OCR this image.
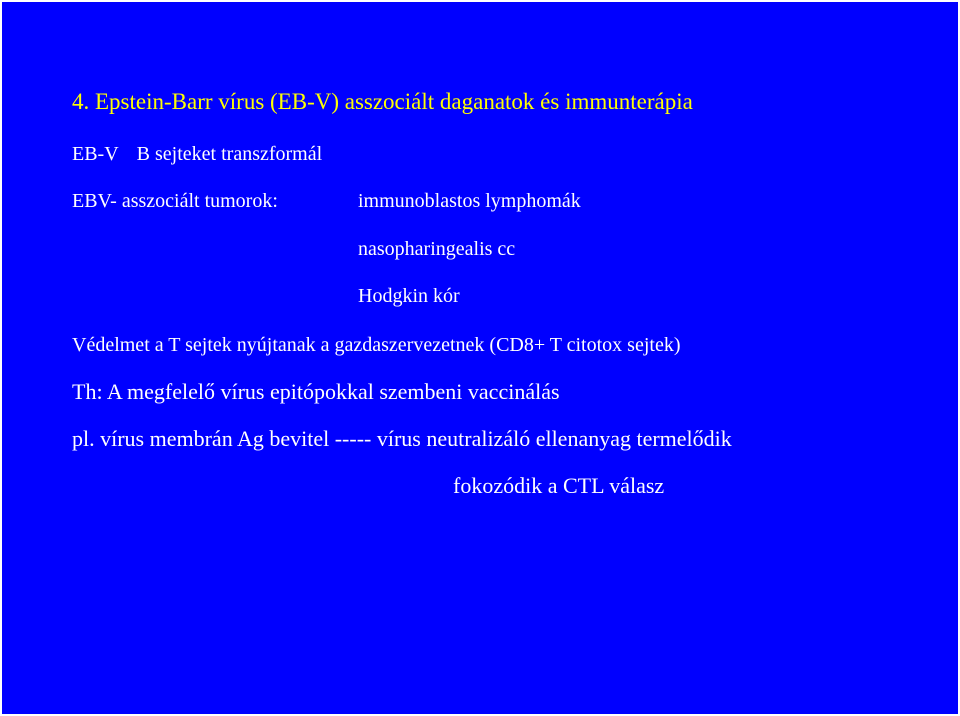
4. Epstein-Barr vírus (EB-V) asszociált daganatok és immunterápia
EB-V B sejteket transzformál
EBV- asszociált tumorok:	immunoblastos lymphomák
nasopharingealis cc
Hodgkin kór
Védelmet a T sejtek nyújtanak a gazdaszervezetnek (CD8+ T citotox sejtek)
Th: A megfelelő vírus epitópokkal szembeni vaccinálás
pl. vírus membrán Ag bevitel ----- vírus neutralizáló ellenanyag termelődik
fokozódik a CTL válasz
